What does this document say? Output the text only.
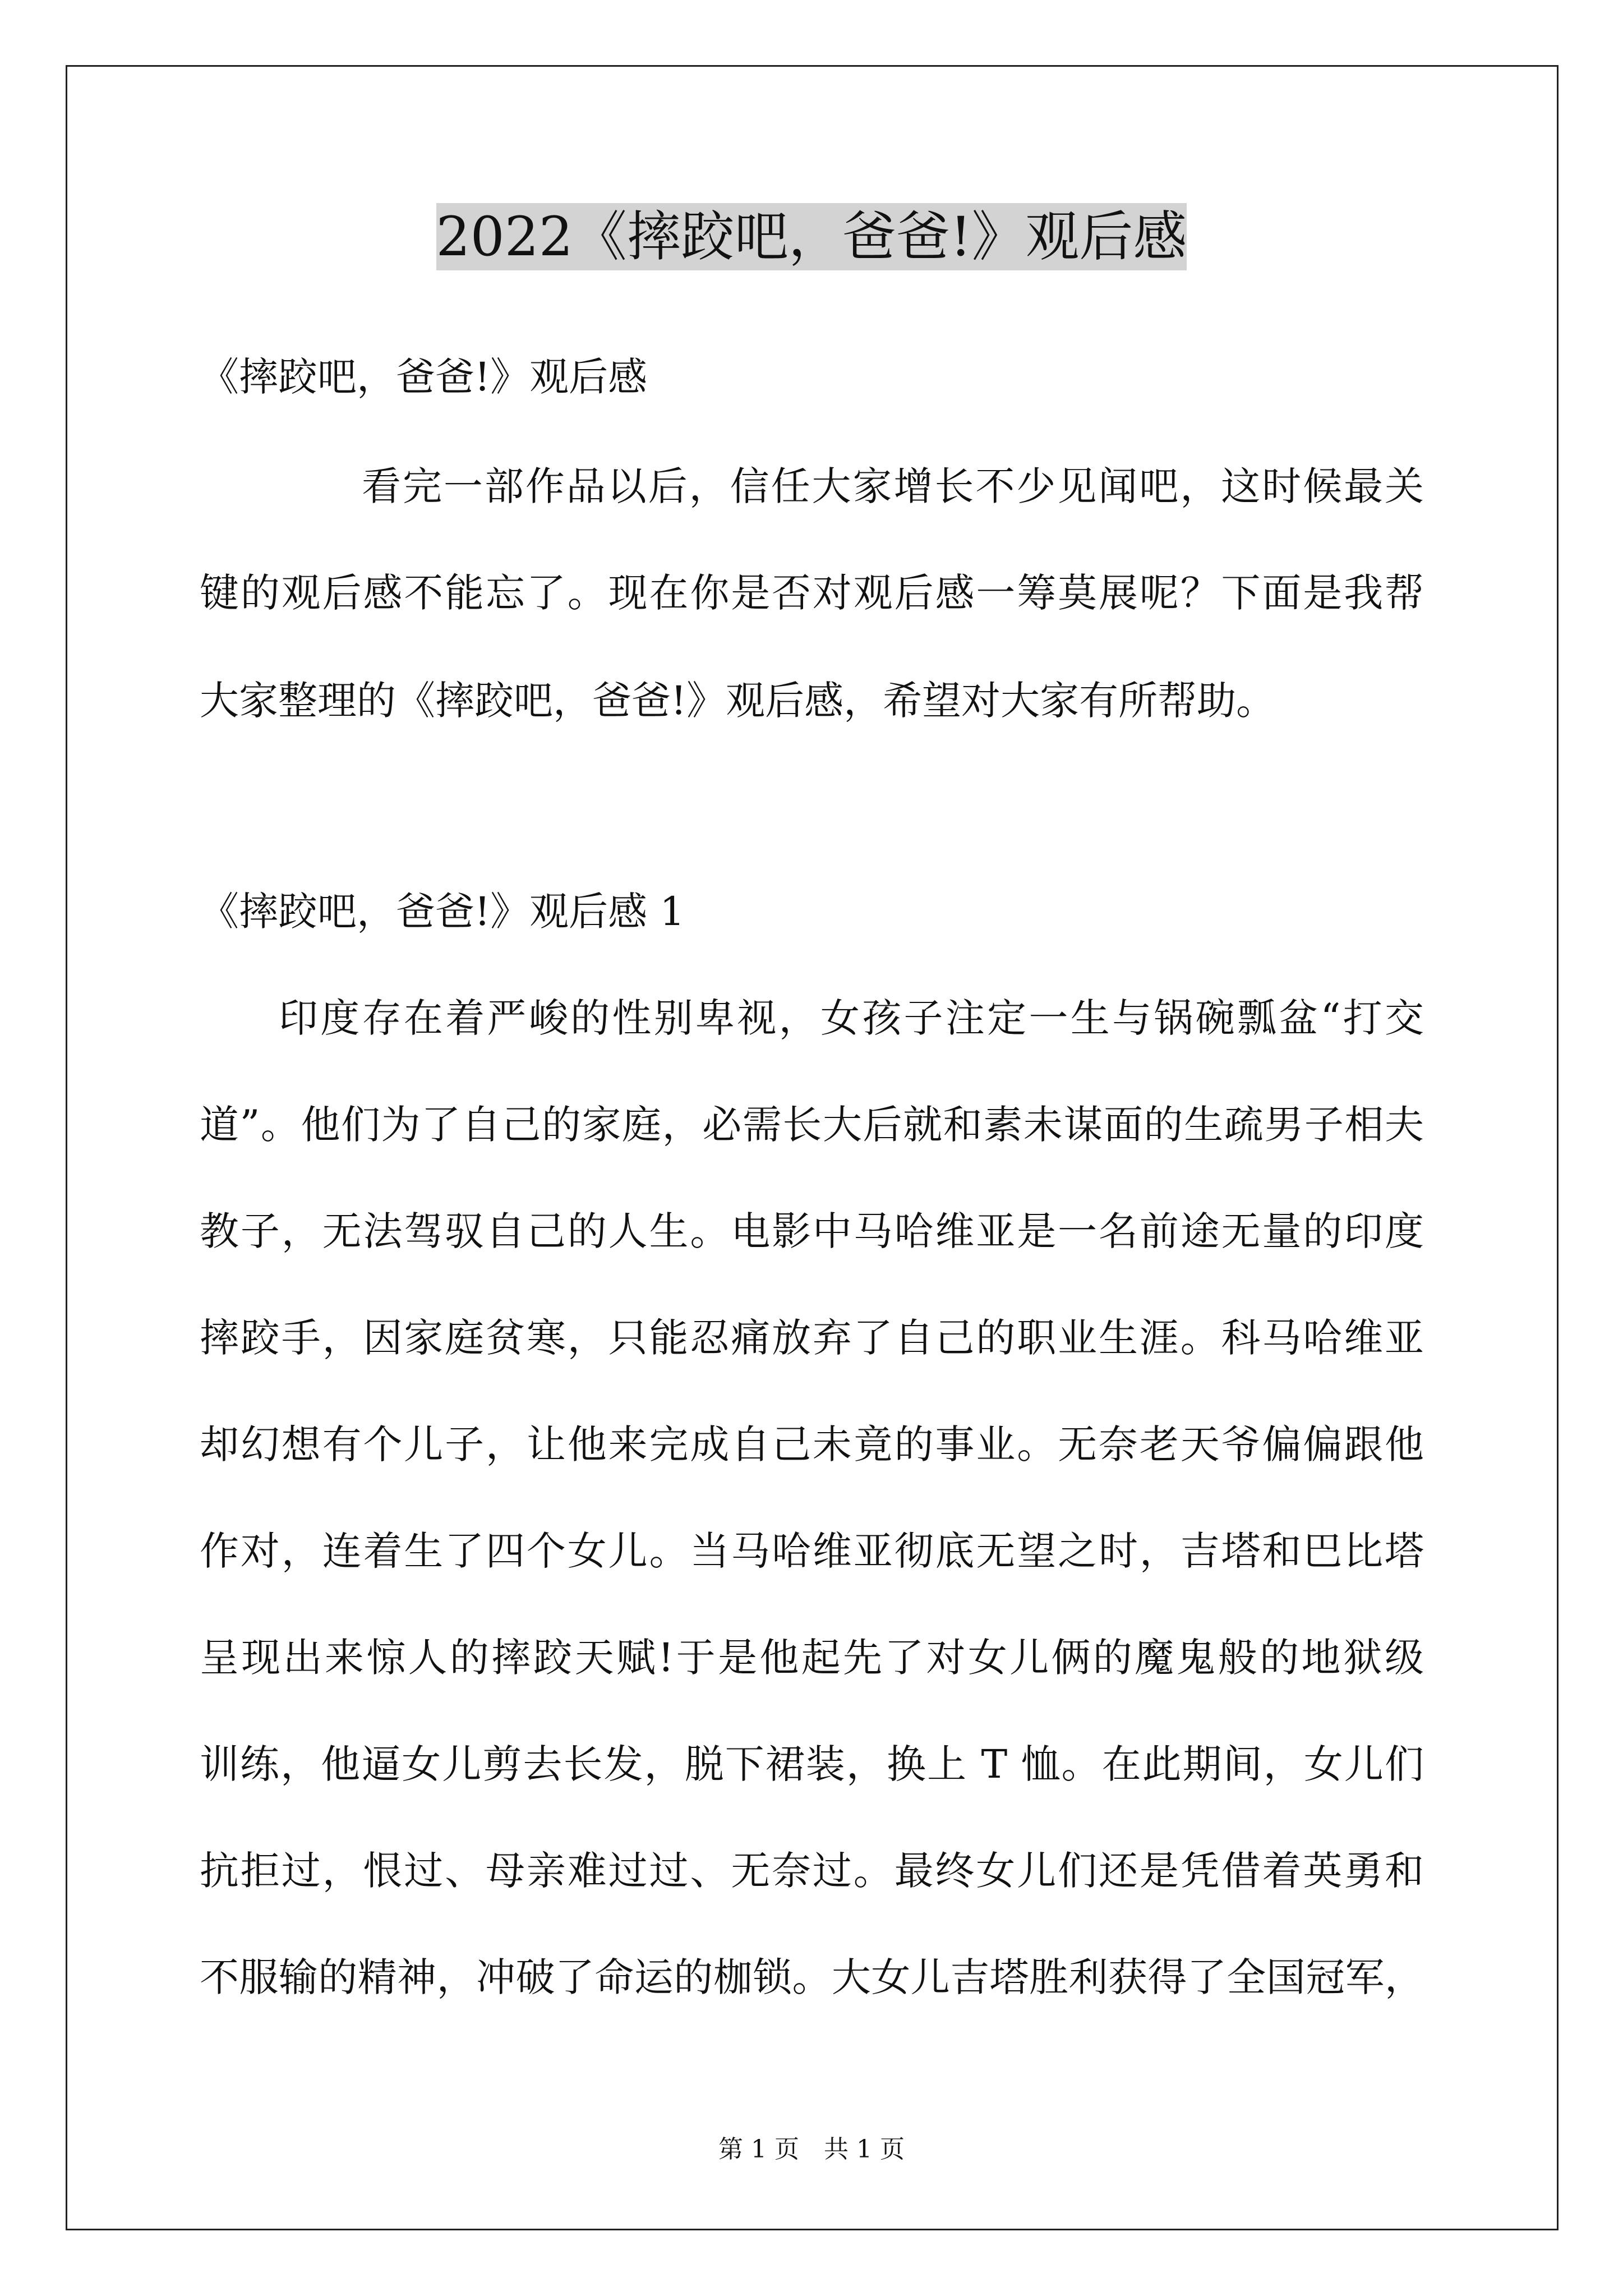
2022《摔跤吧，爸爸!》观后感
《摔跤吧，爸爸!》观后感
看完一部作品以后，信任大家增长不少见闻吧，这时候最关
键的观后感不能忘了。现在你是否对观后感一筹莫展呢？下面是我帮
大家整理的《摔跤吧，爸爸!》观后感，希望对大家有所帮助。
《摔跤吧，爸爸!》观后感 1
印度存在着严峻的性别卑视，女孩子注定一生与锅碗瓢盆“打交
道”。他们为了自己的家庭，必需长大后就和素未谋面的生疏男子相夫
教子，无法驾驭自己的人生。电影中马哈维亚是一名前途无量的印度
摔跤手，因家庭贫寒，只能忍痛放弃了自己的职业生涯。科马哈维亚
却幻想有个儿子，让他来完成自己未竟的事业。无奈老天爷偏偏跟他
作对，连着生了四个女儿。当马哈维亚彻底无望之时，吉塔和巴比塔
呈现出来惊人的摔跤天赋!于是他起先了对女儿俩的魔鬼般的地狱级
训练，他逼女儿剪去长发，脱下裙装，换上 T 恤。在此期间，女儿们
抗拒过，恨过、母亲难过过、无奈过。最终女儿们还是凭借着英勇和
不服输的精神，冲破了命运的枷锁。大女儿吉塔胜利获得了全国冠军，
第 1 页　共 1 页
